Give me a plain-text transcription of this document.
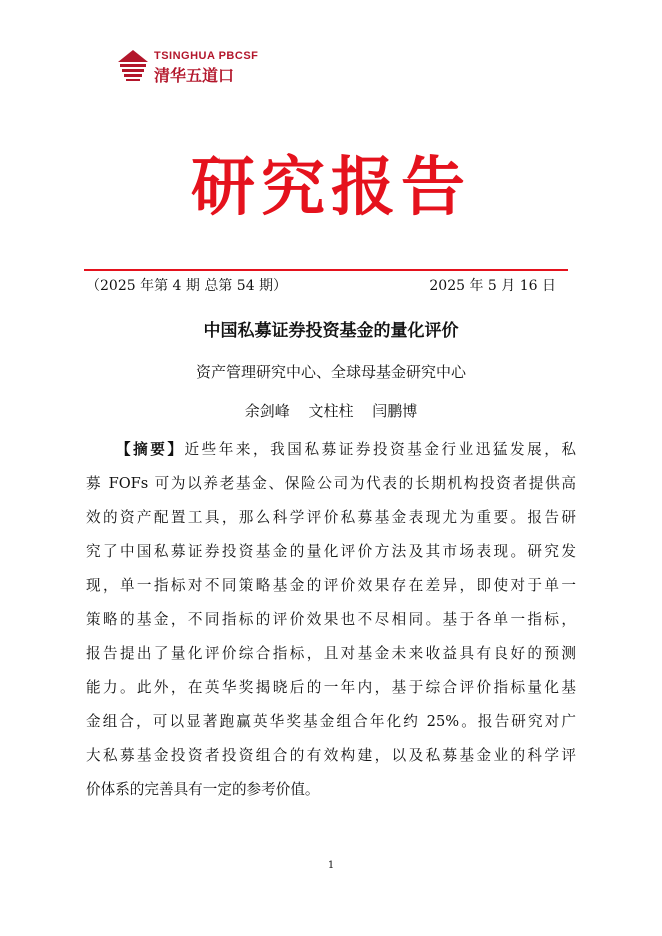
TSINGHUA PBCSF
清华五道口
研究报告
（2025 年第 4 期 总第 54 期）	2025 年 5 月 16 日
中国私募证券投资基金的量化评价
资产管理研究中心、全球母基金研究中心
余剑峰 文柱柱 闫鹏博
【摘要】近些年来，我国私募证券投资基金行业迅猛发展，私
募 FOFs 可为以养老基金、保险公司为代表的长期机构投资者提供高
效的资产配置工具，那么科学评价私募基金表现尤为重要。报告研
究了中国私募证券投资基金的量化评价方法及其市场表现。研究发
现，单一指标对不同策略基金的评价效果存在差异，即使对于单一
策略的基金，不同指标的评价效果也不尽相同。基于各单一指标，
报告提出了量化评价综合指标，且对基金未来收益具有良好的预测
能力。此外，在英华奖揭晓后的一年内，基于综合评价指标量化基
金组合，可以显著跑赢英华奖基金组合年化约 25%。报告研究对广
大私募基金投资者投资组合的有效构建，以及私募基金业的科学评
价体系的完善具有一定的参考价值。
1
